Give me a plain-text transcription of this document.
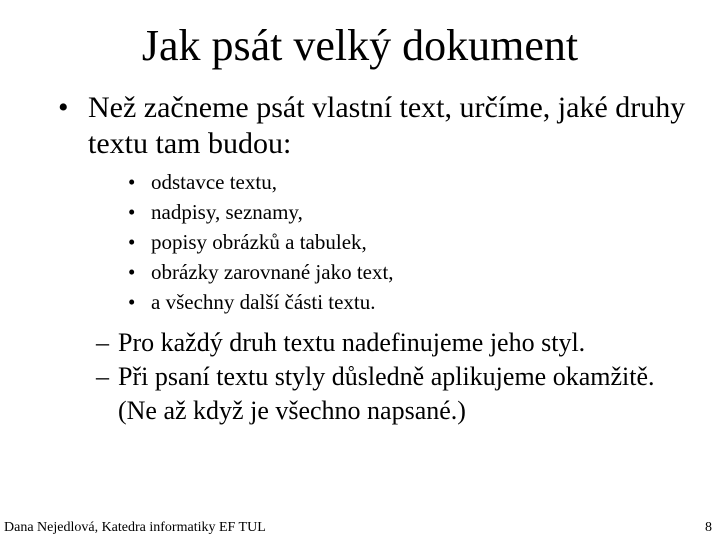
Jak psát velký dokument
• Než začneme psát vlastní text, určíme, jaké druhy textu tam budou:
• odstavce textu,
• nadpisy, seznamy,
• popisy obrázků a tabulek,
• obrázky zarovnané jako text,
• a všechny další části textu.
– Pro každý druh textu nadefinujeme jeho styl.
– Při psaní textu styly důsledně aplikujeme okamžitě. (Ne až když je všechno napsané.)
Dana Nejedlová, Katedra informatiky EF TUL	8
